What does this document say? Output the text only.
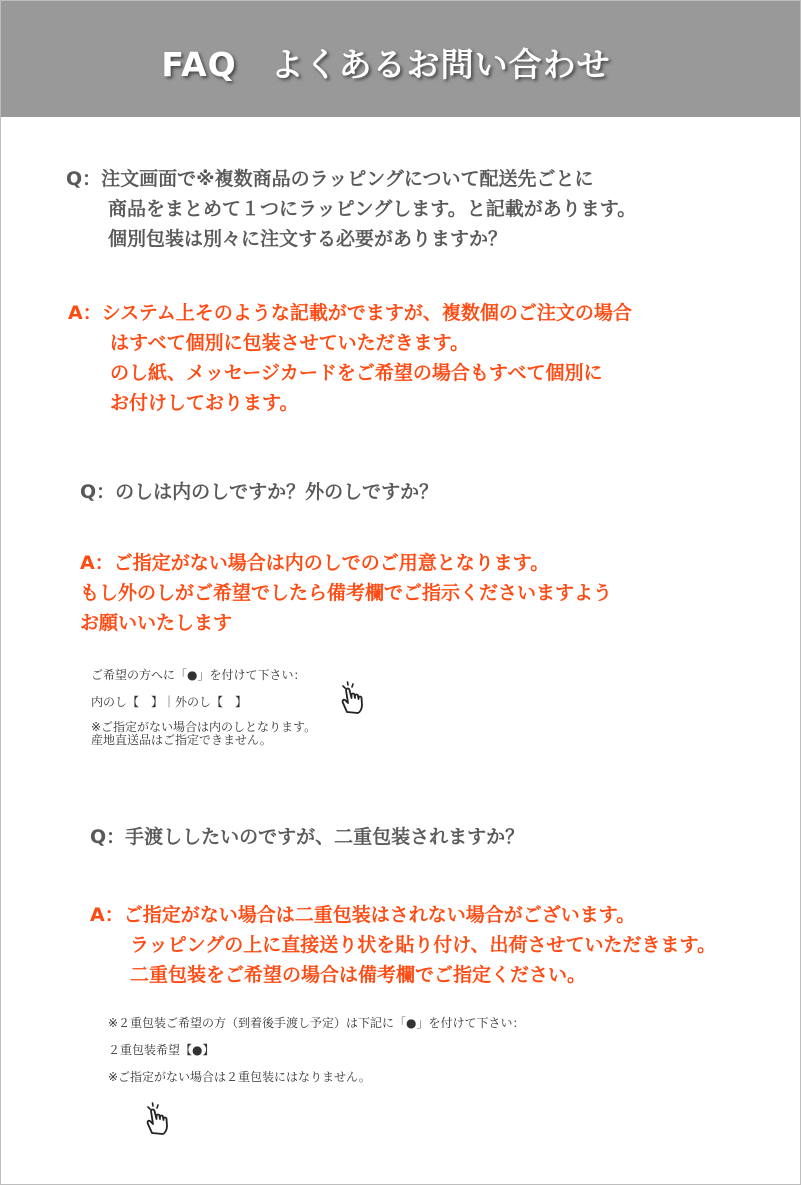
FAQ　よくあるお問い合わせ
Q：注文画面で※複数商品のラッピングについて配送先ごとに
商品をまとめて１つにラッピングします。と記載があります。
個別包装は別々に注文する必要がありますか？
A：システム上そのような記載がでますが、複数個のご注文の場合
はすべて個別に包装させていただきます。
のし紙、メッセージカードをご希望の場合もすべて個別に
お付けしております。
Q：のしは内のしですか？外のしですか？
A：ご指定がない場合は内のしでのご用意となります。
もし外のしがご希望でしたら備考欄でご指示くださいますよう
お願いいたします
ご希望の方へに「●」を付けて下さい：
内のし【　】｜外のし【　】
※ご指定がない場合は内のしとなります。
産地直送品はご指定できません。
Q：手渡ししたいのですが、二重包装されますか？
A：ご指定がない場合は二重包装はされない場合がございます。
ラッピングの上に直接送り状を貼り付け、出荷させていただきます。
二重包装をご希望の場合は備考欄でご指定ください。
※２重包装ご希望の方（到着後手渡し予定）は下記に「●」を付けて下さい：
２重包装希望【●】
※ご指定がない場合は２重包装にはなりません。
